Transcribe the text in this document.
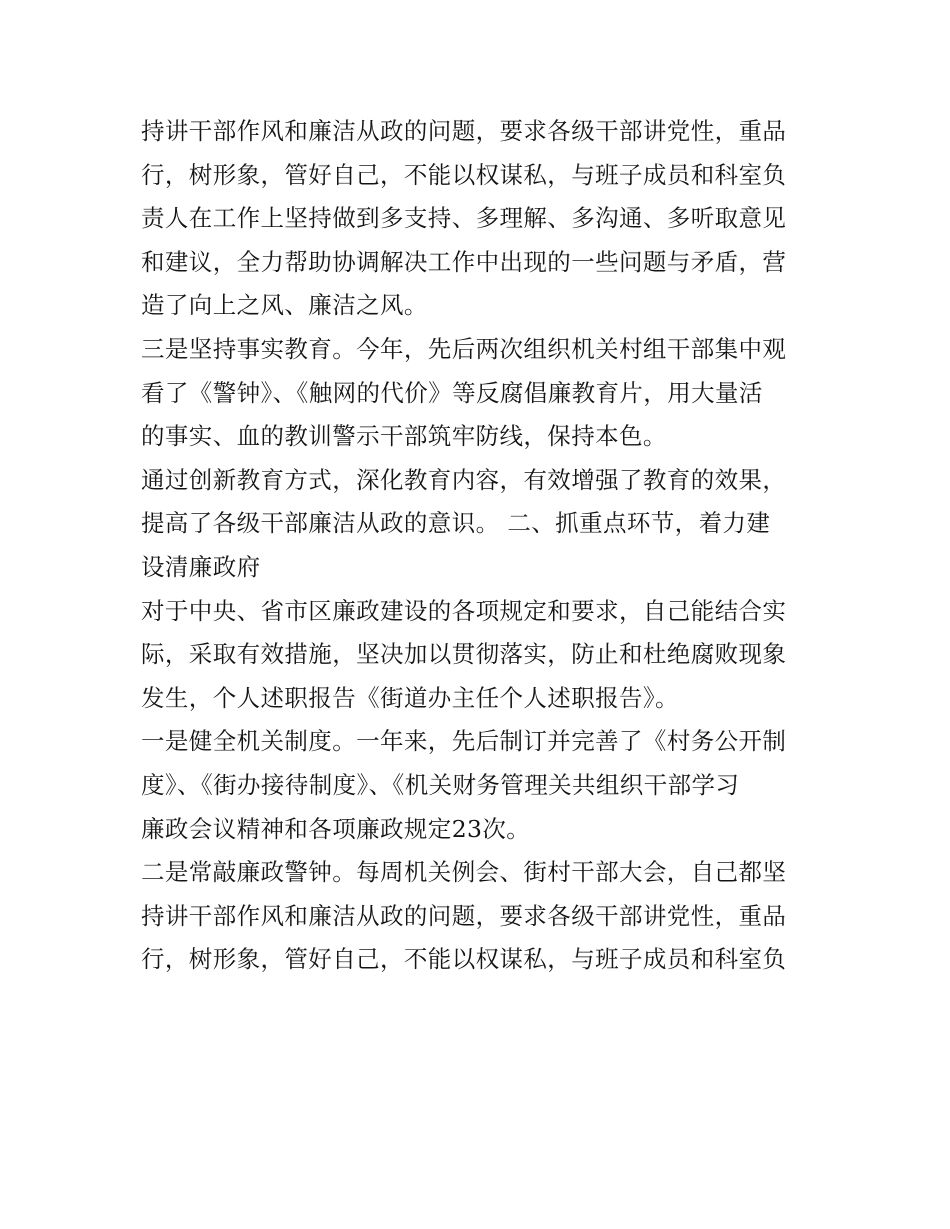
持讲干部作风和廉洁从政的问题，要求各级干部讲党性，重品
行，树形象，管好自己，不能以权谋私，与班子成员和科室负
责人在工作上坚持做到多支持、多理解、多沟通、多听取意见
和建议，全力帮助协调解决工作中出现的一些问题与矛盾，营
造了向上之风、廉洁之风。
三是坚持事实教育。今年，先后两次组织机关村组干部集中观
看了《警钟》、《触网的代价》等反腐倡廉教育片，用大量活
的事实、血的教训警示干部筑牢防线，保持本色。
通过创新教育方式，深化教育内容，有效增强了教育的效果，
提高了各级干部廉洁从政的意识。 二、抓重点环节，着力建
设清廉政府
对于中央、省市区廉政建设的各项规定和要求，自己能结合实
际，采取有效措施，坚决加以贯彻落实，防止和杜绝腐败现象
发生，个人述职报告《街道办主任个人述职报告》。
一是健全机关制度。一年来，先后制订并完善了《村务公开制
度》、《街办接待制度》、《机关财务管理关共组织干部学习
廉政会议精神和各项廉政规定23次。
二是常敲廉政警钟。每周机关例会、街村干部大会，自己都坚
持讲干部作风和廉洁从政的问题，要求各级干部讲党性，重品
行，树形象，管好自己，不能以权谋私，与班子成员和科室负
